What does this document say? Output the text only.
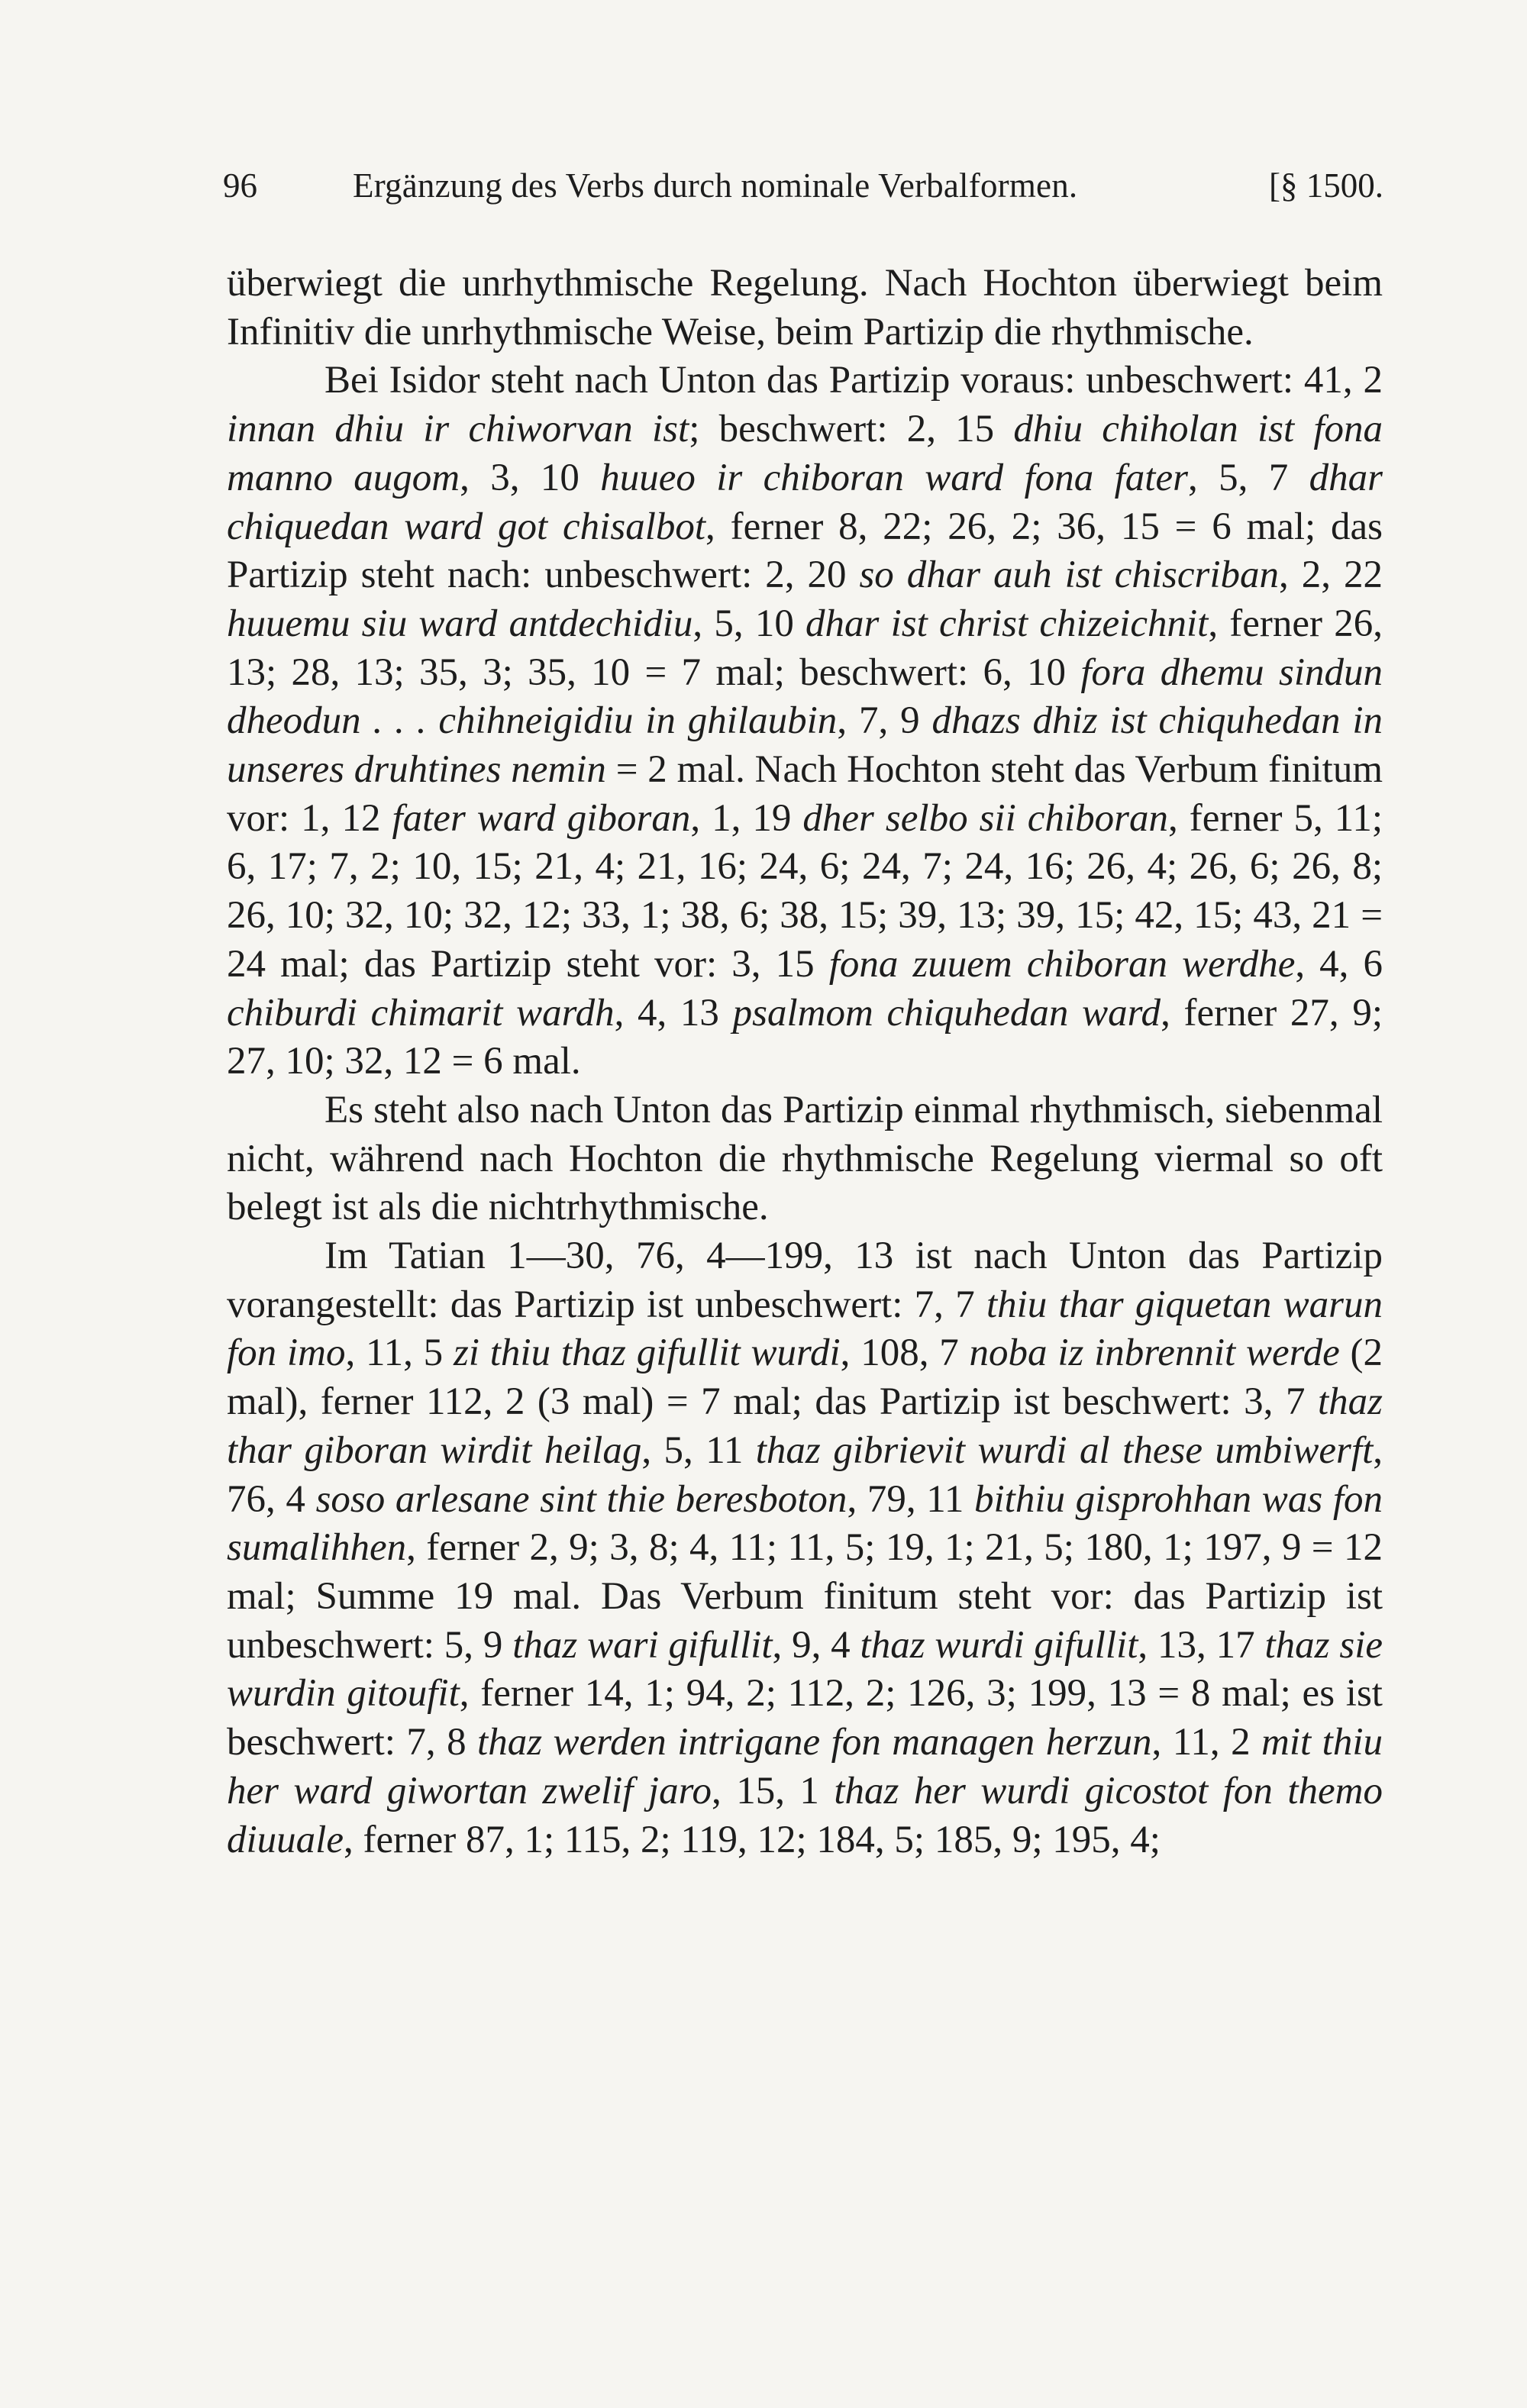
96	Ergänzung des Verbs durch nominale Verbalformen.	[§ 1500.

überwiegt die unrhythmische Regelung. Nach Hochton überwiegt beim Infinitiv die unrhythmische Weise, beim Partizip die rhythmische.

Bei Isidor steht nach Unton das Partizip voraus: unbeschwert: 41, 2 innan dhiu ir chiworvan ist; beschwert: 2, 15 dhiu chiholan ist fona manno augom, 3, 10 huueo ir chiboran ward fona fater, 5, 7 dhar chiquedan ward got chisalbot, ferner 8, 22; 26, 2; 36, 15 = 6 mal; das Partizip steht nach: unbeschwert: 2, 20 so dhar auh ist chiscriban, 2, 22 huuemu siu ward antdechidiu, 5, 10 dhar ist christ chizeichnit, ferner 26, 13; 28, 13; 35, 3; 35, 10 = 7 mal; beschwert: 6, 10 fora dhemu sindun dheodun . . . chihneigidiu in ghilaubin, 7, 9 dhazs dhiz ist chiquhedan in unseres druhtines nemin = 2 mal. Nach Hochton steht das Verbum finitum vor: 1, 12 fater ward giboran, 1, 19 dher selbo sii chiboran, ferner 5, 11; 6, 17; 7, 2; 10, 15; 21, 4; 21, 16; 24, 6; 24, 7; 24, 16; 26, 4; 26, 6; 26, 8; 26, 10; 32, 10; 32, 12; 33, 1; 38, 6; 38, 15; 39, 13; 39, 15; 42, 15; 43, 21 = 24 mal; das Partizip steht vor: 3, 15 fona zuuem chiboran werdhe, 4, 6 chiburdi chimarit wardh, 4, 13 psalmom chiquhedan ward, ferner 27, 9; 27, 10; 32, 12 = 6 mal.

Es steht also nach Unton das Partizip einmal rhythmisch, siebenmal nicht, während nach Hochton die rhythmische Regelung viermal so oft belegt ist als die nichtrhythmische.

Im Tatian 1—30, 76, 4—199, 13 ist nach Unton das Partizip vorangestellt: das Partizip ist unbeschwert: 7, 7 thiu thar giquetan warun fon imo, 11, 5 zi thiu thaz gifullit wurdi, 108, 7 noba iz inbrennit werde (2 mal), ferner 112, 2 (3 mal) = 7 mal; das Partizip ist beschwert: 3, 7 thaz thar giboran wirdit heilag, 5, 11 thaz gibrievit wurdi al these umbiwerft, 76, 4 soso arlesane sint thie beresboton, 79, 11 bithiu gisprohhan was fon sumalihhen, ferner 2, 9; 3, 8; 4, 11; 11, 5; 19, 1; 21, 5; 180, 1; 197, 9 = 12 mal; Summe 19 mal. Das Verbum finitum steht vor: das Partizip ist unbeschwert: 5, 9 thaz wari gifullit, 9, 4 thaz wurdi gifullit, 13, 17 thaz sie wurdin gitoufit, ferner 14, 1; 94, 2; 112, 2; 126, 3; 199, 13 = 8 mal; es ist beschwert: 7, 8 thaz werden intrigane fon managen herzun, 11, 2 mit thiu her ward giwortan zwelif jaro, 15, 1 thaz her wurdi gicostot fon themo diuuale, ferner 87, 1; 115, 2; 119, 12; 184, 5; 185, 9; 195, 4;
